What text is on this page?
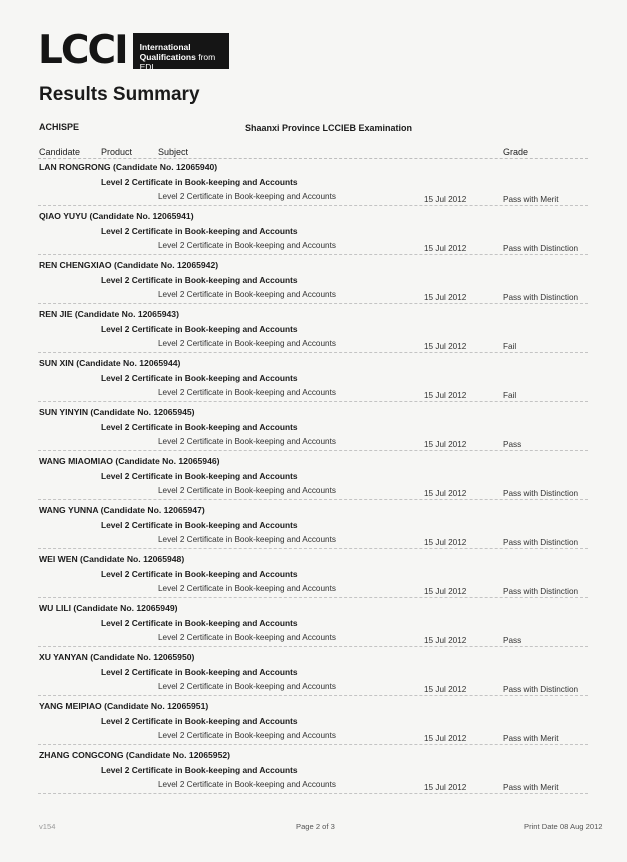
LCCI	International
Qualifications from EDI
Results Summary
ACHISPE	Shaanxi Province LCCIEB Examination
Candidate Product	Subject	Grade
LAN RONGRONG (Candidate No. 12065940)
Level 2 Certificate in Book-keeping and Accounts
Level 2 Certificate in Book-keeping and Accounts	15 Jul 2012	Pass with Merit
QIAO YUYU (Candidate No. 12065941)
Level 2 Certificate in Book-keeping and Accounts
Level 2 Certificate in Book-keeping and Accounts	15 Jul 2012	Pass with Distinction
REN CHENGXIAO (Candidate No. 12065942)
Level 2 Certificate in Book-keeping and Accounts
Level 2 Certificate in Book-keeping and Accounts	15 Jul 2012	Pass with Distinction
REN JIE (Candidate No. 12065943)
Level 2 Certificate in Book-keeping and Accounts
Level 2 Certificate in Book-keeping and Accounts	15 Jul 2012	Fail
SUN XIN (Candidate No. 12065944)
Level 2 Certificate in Book-keeping and Accounts
Level 2 Certificate in Book-keeping and Accounts	15 Jul 2012	Fail
SUN YINYIN (Candidate No. 12065945)
Level 2 Certificate in Book-keeping and Accounts
Level 2 Certificate in Book-keeping and Accounts	15 Jul 2012	Pass
WANG MIAOMIAO (Candidate No. 12065946)
Level 2 Certificate in Book-keeping and Accounts
Level 2 Certificate in Book-keeping and Accounts	15 Jul 2012	Pass with Distinction
WANG YUNNA (Candidate No. 12065947)
Level 2 Certificate in Book-keeping and Accounts
Level 2 Certificate in Book-keeping and Accounts	15 Jul 2012	Pass with Distinction
WEI WEN (Candidate No. 12065948)
Level 2 Certificate in Book-keeping and Accounts
Level 2 Certificate in Book-keeping and Accounts	15 Jul 2012	Pass with Distinction
WU LILI (Candidate No. 12065949)
Level 2 Certificate in Book-keeping and Accounts
Level 2 Certificate in Book-keeping and Accounts	15 Jul 2012	Pass
XU YANYAN (Candidate No. 12065950)
Level 2 Certificate in Book-keeping and Accounts
Level 2 Certificate in Book-keeping and Accounts	15 Jul 2012	Pass with Distinction
YANG MEIPIAO (Candidate No. 12065951)
Level 2 Certificate in Book-keeping and Accounts
Level 2 Certificate in Book-keeping and Accounts	15 Jul 2012	Pass with Merit
ZHANG CONGCONG (Candidate No. 12065952)
Level 2 Certificate in Book-keeping and Accounts
Level 2 Certificate in Book-keeping and Accounts	15 Jul 2012	Pass with Merit
v154	Page 2 of 3	Print Date 08 Aug 2012
